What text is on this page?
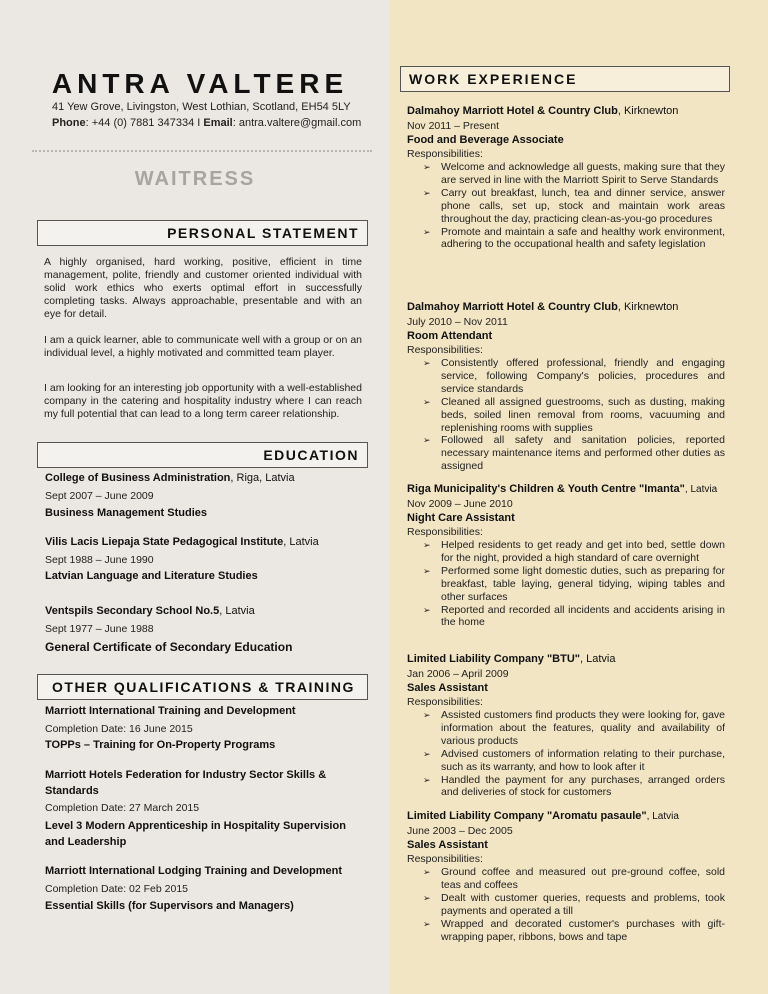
ANTRA VALTERE
41 Yew Grove, Livingston, West Lothian, Scotland, EH54 5LY
Phone: +44 (0) 7881 347334 I Email: antra.valtere@gmail.com
WAITRESS
PERSONAL STATEMENT
A highly organised, hard working, positive, efficient in time management, polite, friendly and customer oriented individual with solid work ethics who exerts optimal effort in successfully completing tasks. Always approachable, presentable and with an eye for detail.
I am a quick learner, able to communicate well with a group or on an individual level, a highly motivated and committed team player.
I am looking for an interesting job opportunity with a well-established company in the catering and hospitality industry where I can reach my full potential that can lead to a long term career relationship.
EDUCATION
College of Business Administration, Riga, Latvia
Sept 2007 – June 2009
Business Management Studies
Vilis Lacis Liepaja State Pedagogical Institute, Latvia
Sept 1988 – June 1990
Latvian Language and Literature Studies
Ventspils Secondary School No.5, Latvia
Sept 1977 – June 1988
General Certificate of Secondary Education
OTHER QUALIFICATIONS & TRAINING
Marriott International Training and Development
Completion Date: 16 June 2015
TOPPs – Training for On-Property Programs
Marriott Hotels Federation for Industry Sector Skills &
Standards
Completion Date: 27 March 2015
Level 3 Modern Apprenticeship in Hospitality Supervision
and Leadership
Marriott International Lodging Training and Development
Completion Date: 02 Feb 2015
Essential Skills (for Supervisors and Managers)
WORK EXPERIENCE
Dalmahoy Marriott Hotel & Country Club, Kirknewton
Nov 2011 – Present
Food and Beverage Associate
Responsibilities:
➢ Welcome and acknowledge all guests, making sure that they are served in line with the Marriott Spirit to Serve Standards
➢ Carry out breakfast, lunch, tea and dinner service, answer phone calls, set up, stock and maintain work areas throughout the day, practicing clean-as-you-go procedures
➢ Promote and maintain a safe and healthy work environment, adhering to the occupational health and safety legislation
Dalmahoy Marriott Hotel & Country Club, Kirknewton
July 2010 – Nov 2011
Room Attendant
Responsibilities:
➢ Consistently offered professional, friendly and engaging service, following Company's policies, procedures and service standards
➢ Cleaned all assigned guestrooms, such as dusting, making beds, soiled linen removal from rooms, vacuuming and replenishing rooms with supplies
➢ Followed all safety and sanitation policies, reported necessary maintenance items and performed other duties as assigned
Riga Municipality's Children & Youth Centre "Imanta", Latvia
Nov 2009 – June 2010
Night Care Assistant
Responsibilities:
➢ Helped residents to get ready and get into bed, settle down for the night, provided a high standard of care overnight
➢ Performed some light domestic duties, such as preparing for breakfast, table laying, general tidying, wiping tables and other surfaces
➢ Reported and recorded all incidents and accidents arising in the home
Limited Liability Company "BTU", Latvia
Jan 2006 – April 2009
Sales Assistant
Responsibilities:
➢ Assisted customers find products they were looking for, gave information about the features, quality and availability of various products
➢ Advised customers of information relating to their purchase, such as its warranty, and how to look after it
➢ Handled the payment for any purchases, arranged orders and deliveries of stock for customers
Limited Liability Company "Aromatu pasaule", Latvia
June 2003 – Dec 2005
Sales Assistant
Responsibilities:
➢ Ground coffee and measured out pre-ground coffee, sold teas and coffees
➢ Dealt with customer queries, requests and problems, took payments and operated a till
➢ Wrapped and decorated customer's purchases with gift-wrapping paper, ribbons, bows and tape
